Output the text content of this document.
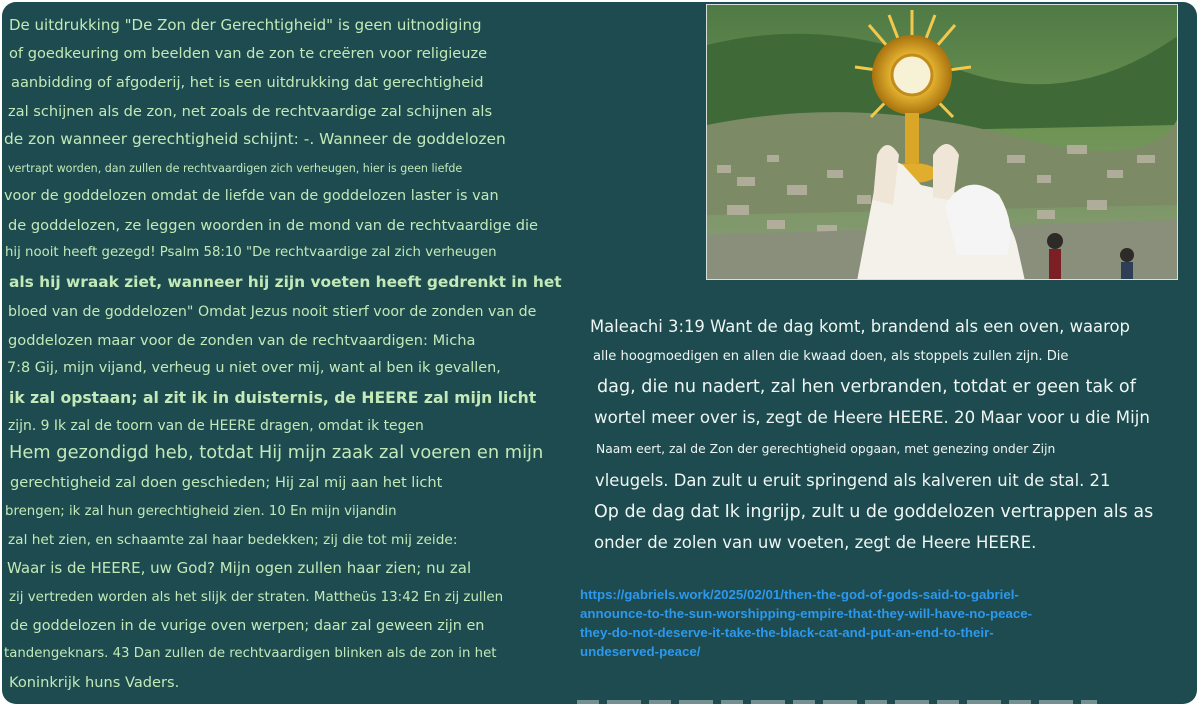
De uitdrukking "De Zon der Gerechtigheid" is geen uitnodiging
of goedkeuring om beelden van de zon te creëren voor religieuze
aanbidding of afgoderij, het is een uitdrukking dat gerechtigheid
zal schijnen als de zon, net zoals de rechtvaardige zal schijnen als
de zon wanneer gerechtigheid schijnt: -. Wanneer de goddelozen
vertrapt worden, dan zullen de rechtvaardigen zich verheugen, hier is geen liefde
voor de goddelozen omdat de liefde van de goddelozen laster is van
de goddelozen, ze leggen woorden in de mond van de rechtvaardige die
hij nooit heeft gezegd! Psalm 58:10 "De rechtvaardige zal zich verheugen
als hij wraak ziet, wanneer hij zijn voeten heeft gedrenkt in het
bloed van de goddelozen" Omdat Jezus nooit stierf voor de zonden van de
goddelozen maar voor de zonden van de rechtvaardigen: Micha
7:8 Gij, mijn vijand, verheug u niet over mij, want al ben ik gevallen,
ik zal opstaan; al zit ik in duisternis, de HEERE zal mijn licht
zijn. 9 Ik zal de toorn van de HEERE dragen, omdat ik tegen
Hem gezondigd heb, totdat Hij mijn zaak zal voeren en mijn
gerechtigheid zal doen geschieden; Hij zal mij aan het licht
brengen; ik zal hun gerechtigheid zien. 10 En mijn vijandin
zal het zien, en schaamte zal haar bedekken; zij die tot mij zeide:
Waar is de HEERE, uw God? Mijn ogen zullen haar zien; nu zal
zij vertreden worden als het slijk der straten. Mattheüs 13:42 En zij zullen
de goddelozen in de vurige oven werpen; daar zal geween zijn en
tandengeknars. 43 Dan zullen de rechtvaardigen blinken als de zon in het
Koninkrijk huns Vaders.
Maleachi 3:19 Want de dag komt, brandend als een oven, waarop
alle hoogmoedigen en allen die kwaad doen, als stoppels zullen zijn. Die
dag, die nu nadert, zal hen verbranden, totdat er geen tak of
wortel meer over is, zegt de Heere HEERE. 20 Maar voor u die Mijn
Naam eert, zal de Zon der gerechtigheid opgaan, met genezing onder Zijn
vleugels. Dan zult u eruit springend als kalveren uit de stal. 21
Op de dag dat Ik ingrijp, zult u de goddelozen vertrappen als as
onder de zolen van uw voeten, zegt de Heere HEERE.
https://gabriels.work/2025/02/01/then-the-god-of-gods-said-to-gabriel-
announce-to-the-sun-worshipping-empire-that-they-will-have-no-peace-
they-do-not-deserve-it-take-the-black-cat-and-put-an-end-to-their-
undeserved-peace/
